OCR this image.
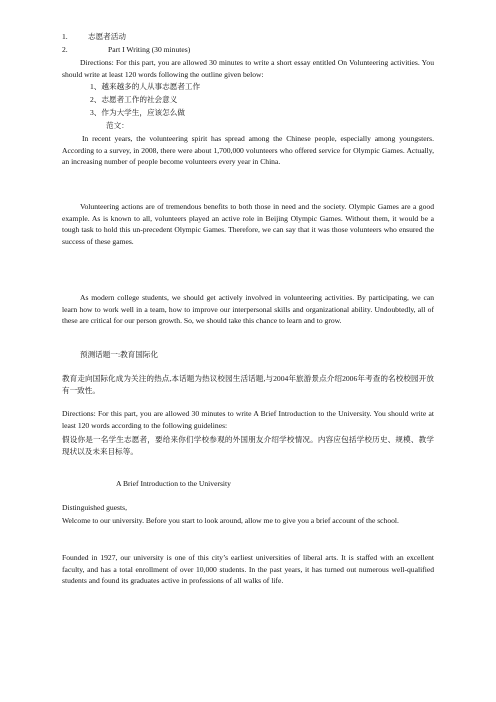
1.	志愿者活动
2.	Part I Writing (30 minutes)

Directions: For this part, you are allowed 30 minutes to write a short essay entitled On Volunteering activities. You should write at least 120 words following the outline given below:

1、越来越多的人从事志愿者工作

2、志愿者工作的社会意义

3、作为大学生，应该怎么做

范文：

In recent years, the volunteering spirit has spread among the Chinese people, especially among youngsters. According to a survey, in 2008, there were about 1,700,000 volunteers who offered service for Olympic Games. Actually, an increasing number of people become volunteers every year in China.

Volunteering actions are of tremendous benefits to both those in need and the society. Olympic Games are a good example. As is known to all, volunteers played an active role in Beijing Olympic Games. Without them, it would be a tough task to hold this un-precedent Olympic Games. Therefore, we can say that it was those volunteers who ensured the success of these games.

As modern college students, we should get actively involved in volunteering activities. By participating, we can learn how to work well in a team, how to improve our interpersonal skills and organizational ability. Undoubtedly, all of these are critical for our person growth. So, we should take this chance to learn and to grow.

预测话题一:教育国际化

教育走向国际化成为关注的热点,本话题为热议校园生活话题,与2004年旅游景点介绍2006年考查的名校校园开放有一致性。

Directions: For this part, you are allowed 30 minutes to write A Brief Introduction to the University. You should write at least 120 words according to the following guidelines:

假设你是一名学生志愿者，要给来你们学校参观的外国朋友介绍学校情况。内容应包括学校历史、规模、教学现状以及未来目标等。

A Brief Introduction to the University

Distinguished guests,

Welcome to our university. Before you start to look around, allow me to give you a brief account of the school.

Founded in 1927, our university is one of this city’s earliest universities of liberal arts. It is staffed with an excellent faculty, and has a total enrollment of over 10,000 students. In the past years, it has turned out numerous well-qualified students and found its graduates active in professions of all walks of life.
